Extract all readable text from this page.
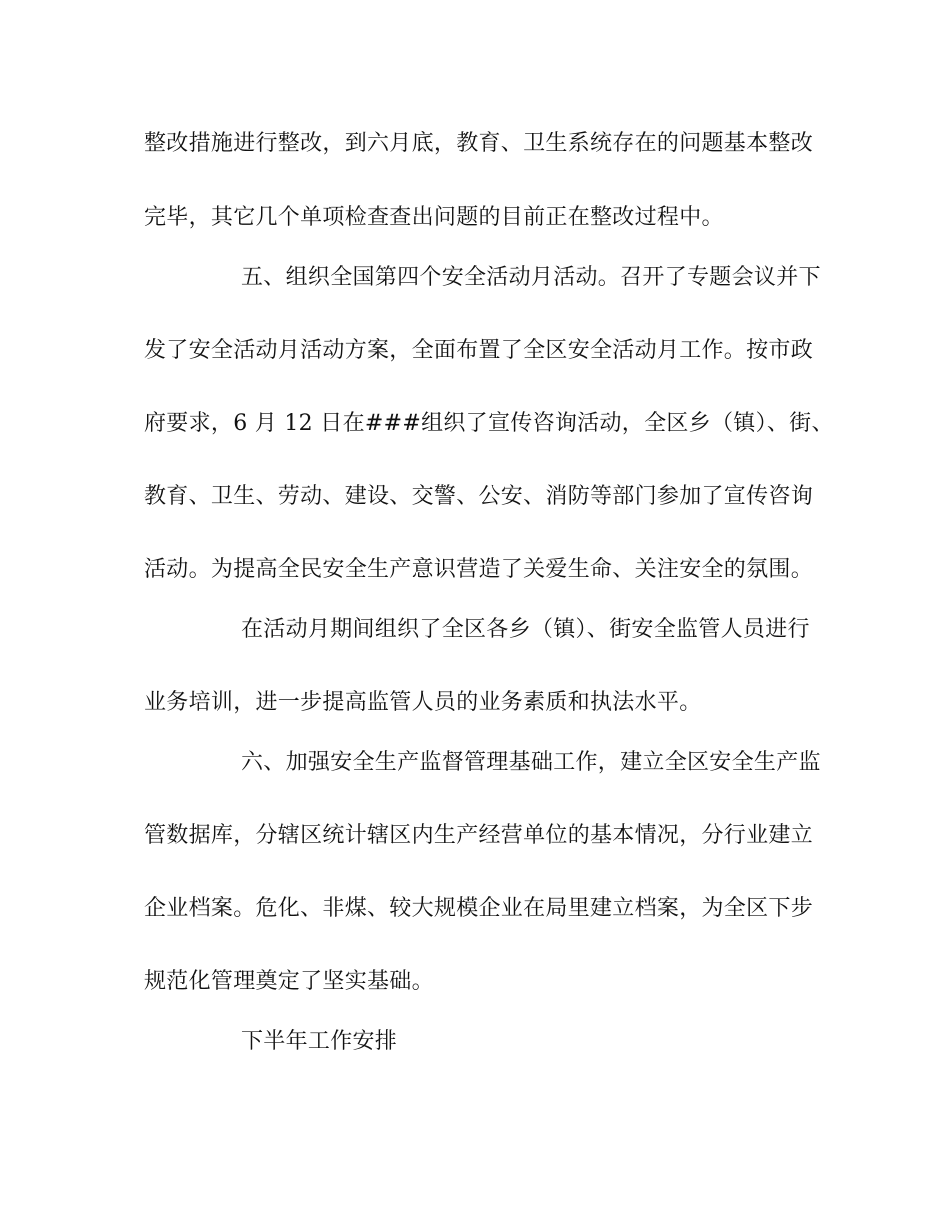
整改措施进行整改，到六月底，教育、卫生系统存在的问题基本整改
完毕，其它几个单项检查查出问题的目前正在整改过程中。
五、组织全国第四个安全活动月活动。召开了专题会议并下
发了安全活动月活动方案，全面布置了全区安全活动月工作。按市政
府要求，6 月 12 日在###组织了宣传咨询活动，全区乡（镇）、街、
教育、卫生、劳动、建设、交警、公安、消防等部门参加了宣传咨询
活动。为提高全民安全生产意识营造了关爱生命、关注安全的氛围。
在活动月期间组织了全区各乡（镇）、街安全监管人员进行
业务培训，进一步提高监管人员的业务素质和执法水平。
六、加强安全生产监督管理基础工作，建立全区安全生产监
管数据库，分辖区统计辖区内生产经营单位的基本情况，分行业建立
企业档案。危化、非煤、较大规模企业在局里建立档案，为全区下步
规范化管理奠定了坚实基础。
下半年工作安排
